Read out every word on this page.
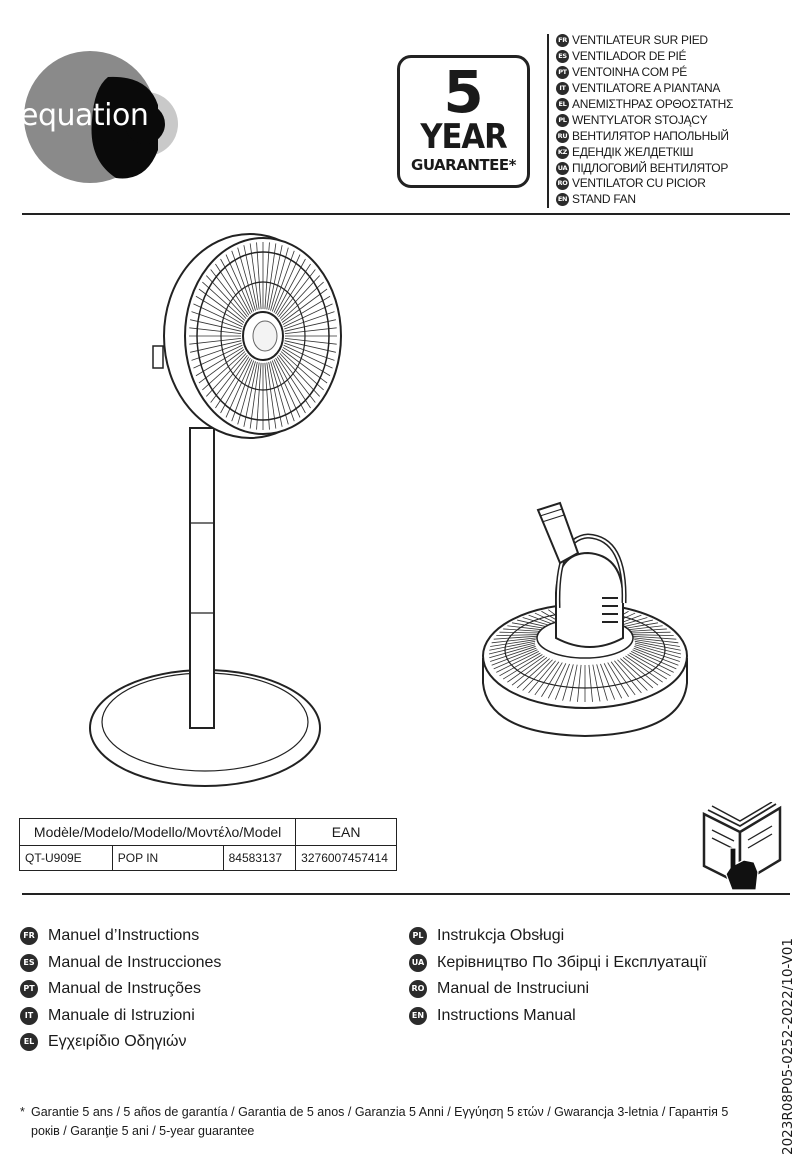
equation	5
YEAR
GUARANTEE*
FR VENTILATEUR SUR PIED
ES VENTILADOR DE PIÉ
PT VENTOINHA COM PÉ
IT VENTILATORE A PIANTANA
EL ΑΝΕΜΙΣΤΗΡΑΣ ΟΡΘΟΣΤΑΤΗΣ
PL WENTYLATOR STOJĄCY
RU ВЕНТИЛЯТОР НАПОЛЬНЫЙ
KZ ЕДЕНДІК ЖЕЛДЕТКІШ
UA ПІДЛОГОВИЙ ВЕНТИЛЯТОР
RO VENTILATOR CU PICIOR
EN STAND FAN
Modèle/Modelo/Modello/Μοντέλο/Model			EAN
QT-U909E	POP IN	84583137	3276007457414
FR Manuel d’Instructions
ES Manual de Instrucciones
PT Manual de Instruções
IT Manuale di Istruzioni
EL Εγχειρίδιο Οδηγιών
PL Instrukcja Obsługi
UA Керівництво По Збірці і Експлуатації
RO Manual de Instruciuni
EN Instructions Manual	2023R08P05-0252-2022/10-V01
* Garantie 5 ans / 5 años de garantía / Garantia de 5 anos / Garanzia 5 Anni / Εγγύηση 5 ετών / Gwarancja 3-letnia / Гарантія 5 років / Garanţie 5 ani / 5-year guarantee
